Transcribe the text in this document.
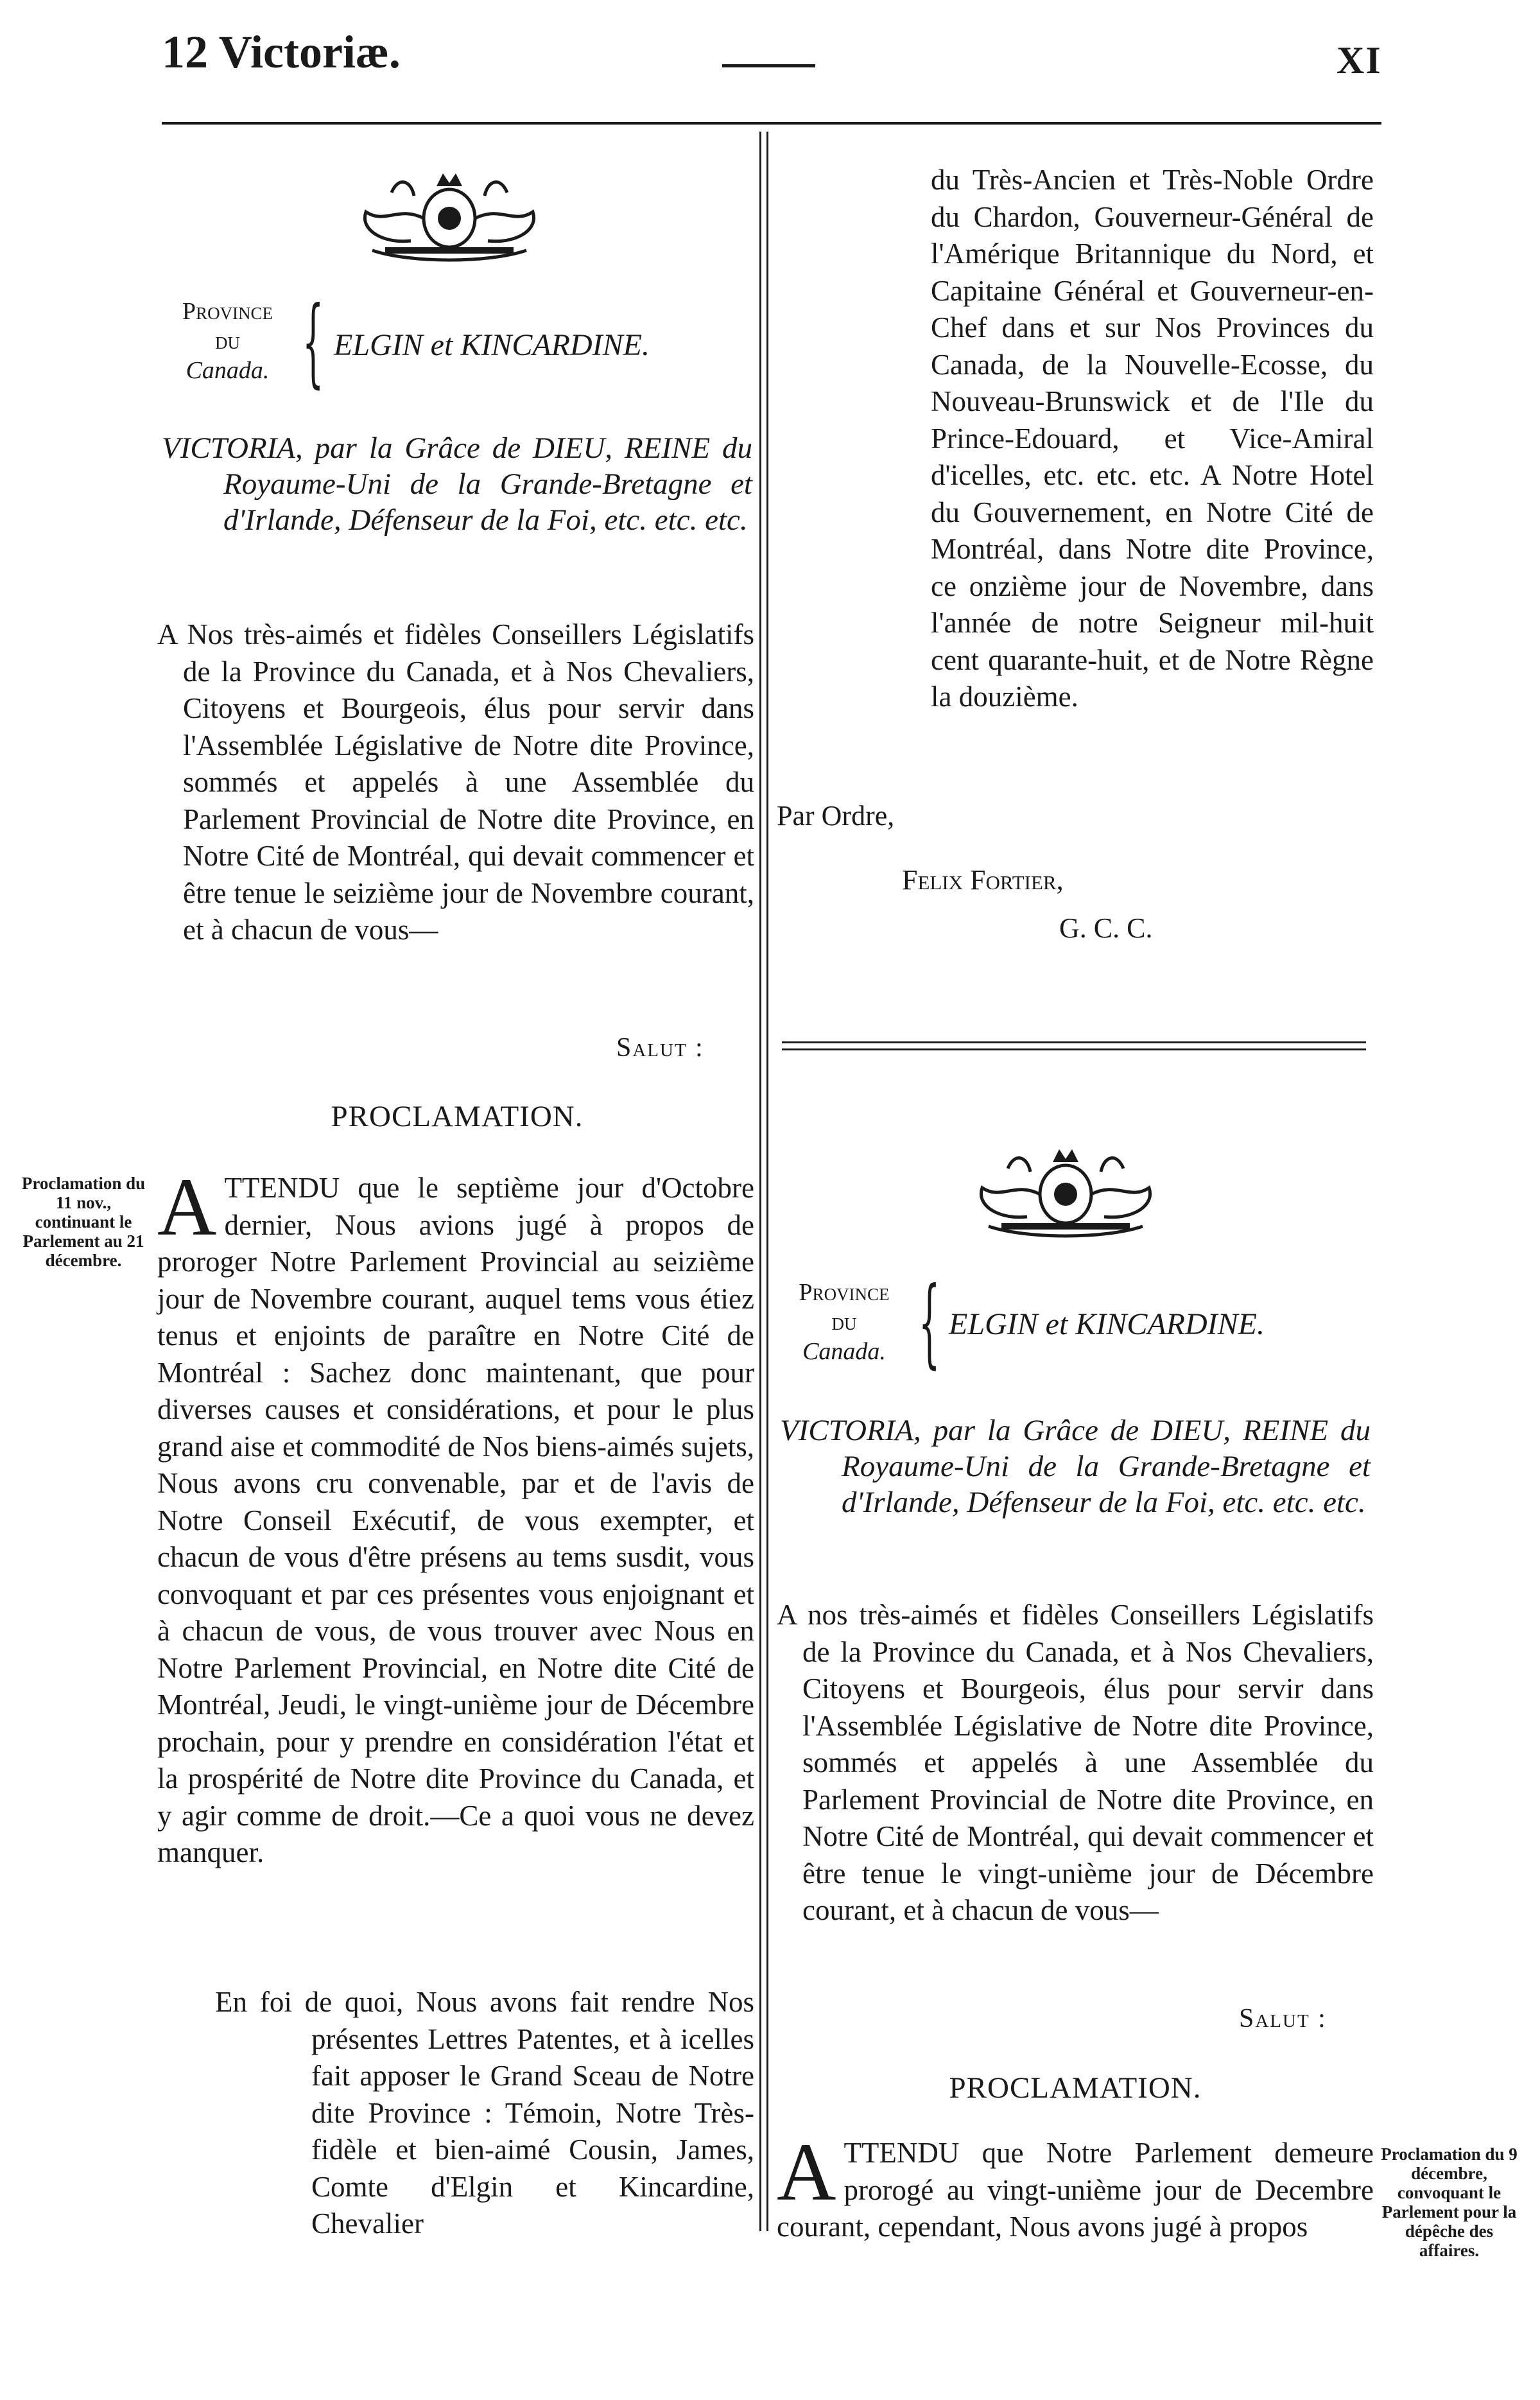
12 Victoriæ.	XI
Province
du
Canada. { ELGIN et KINCARDINE.
VICTORIA, par la Grâce de DIEU, REINE du Royaume-Uni de la Grande-Bretagne et d'Irlande, Défenseur de la Foi, etc. etc. etc.

A Nos très-aimés et fidèles Conseillers Législatifs de la Province du Canada, et à Nos Chevaliers, Citoyens et Bourgeois, élus pour servir dans l'Assemblée Législative de Notre dite Province, sommés et appelés à une Assemblée du Parlement Provincial de Notre dite Province, en Notre Cité de Montréal, qui devait commencer et être tenue le seizième jour de Novembre courant, et à chacun de vous—

Salut :
PROCLAMATION.
Proclamation du 11 nov., continuant le Parlement au 21 décembre.
A TTENDU que le septième jour d'Octobre dernier, Nous avions jugé à propos de proroger Notre Parlement Provincial au seizième jour de Novembre courant, auquel tems vous étiez tenus et enjoints de paraître en Notre Cité de Montréal : Sachez donc maintenant, que pour diverses causes et considérations, et pour le plus grand aise et commodité de Nos biens-aimés sujets, Nous avons cru convenable, par et de l'avis de Notre Conseil Exécutif, de vous exempter, et chacun de vous d'être présens au tems susdit, vous convoquant et par ces présentes vous enjoignant et à chacun de vous, de vous trouver avec Nous en Notre Parlement Provincial, en Notre dite Cité de Montréal, Jeudi, le vingt-unième jour de Décembre prochain, pour y prendre en considération l'état et la prospérité de Notre dite Province du Canada, et y agir comme de droit.—Ce a quoi vous ne devez manquer.

En foi de quoi, Nous avons fait rendre Nos présentes Lettres Patentes, et à icelles fait apposer le Grand Sceau de Notre dite Province : Témoin, Notre Très-fidèle et bien-aimé Cousin, James, Comte d'Elgin et Kincardine, Chevalier

du Très-Ancien et Très-Noble Ordre du Chardon, Gouverneur-Général de l'Amérique Britannique du Nord, et Capitaine Général et Gouverneur-en-Chef dans et sur Nos Provinces du Canada, de la Nouvelle-Ecosse, du Nouveau-Brunswick et de l'Ile du Prince-Edouard, et Vice-Amiral d'icelles, etc. etc. etc. A Notre Hotel du Gouvernement, en Notre Cité de Montréal, dans Notre dite Province, ce onzième jour de Novembre, dans l'année de notre Seigneur mil-huit cent quarante-huit, et de Notre Règne la douzième.

Par Ordre,
Felix Fortier,
G. C. C.
Province
du
Canada. { ELGIN et KINCARDINE.
VICTORIA, par la Grâce de DIEU, REINE du Royaume-Uni de la Grande-Bretagne et d'Irlande, Défenseur de la Foi, etc. etc. etc.

A nos très-aimés et fidèles Conseillers Législatifs de la Province du Canada, et à Nos Chevaliers, Citoyens et Bourgeois, élus pour servir dans l'Assemblée Législative de Notre dite Province, sommés et appelés à une Assemblée du Parlement Provincial de Notre dite Province, en Notre Cité de Montréal, qui devait commencer et être tenue le vingt-unième jour de Décembre courant, et à chacun de vous—

Salut :
PROCLAMATION.
A TTENDU que Notre Parlement demeure prorogé au vingt-unième jour de Decembre courant, cependant, Nous avons jugé à propos

Proclamation du 9 décembre, convoquant le Parlement pour la dépêche des affaires.
